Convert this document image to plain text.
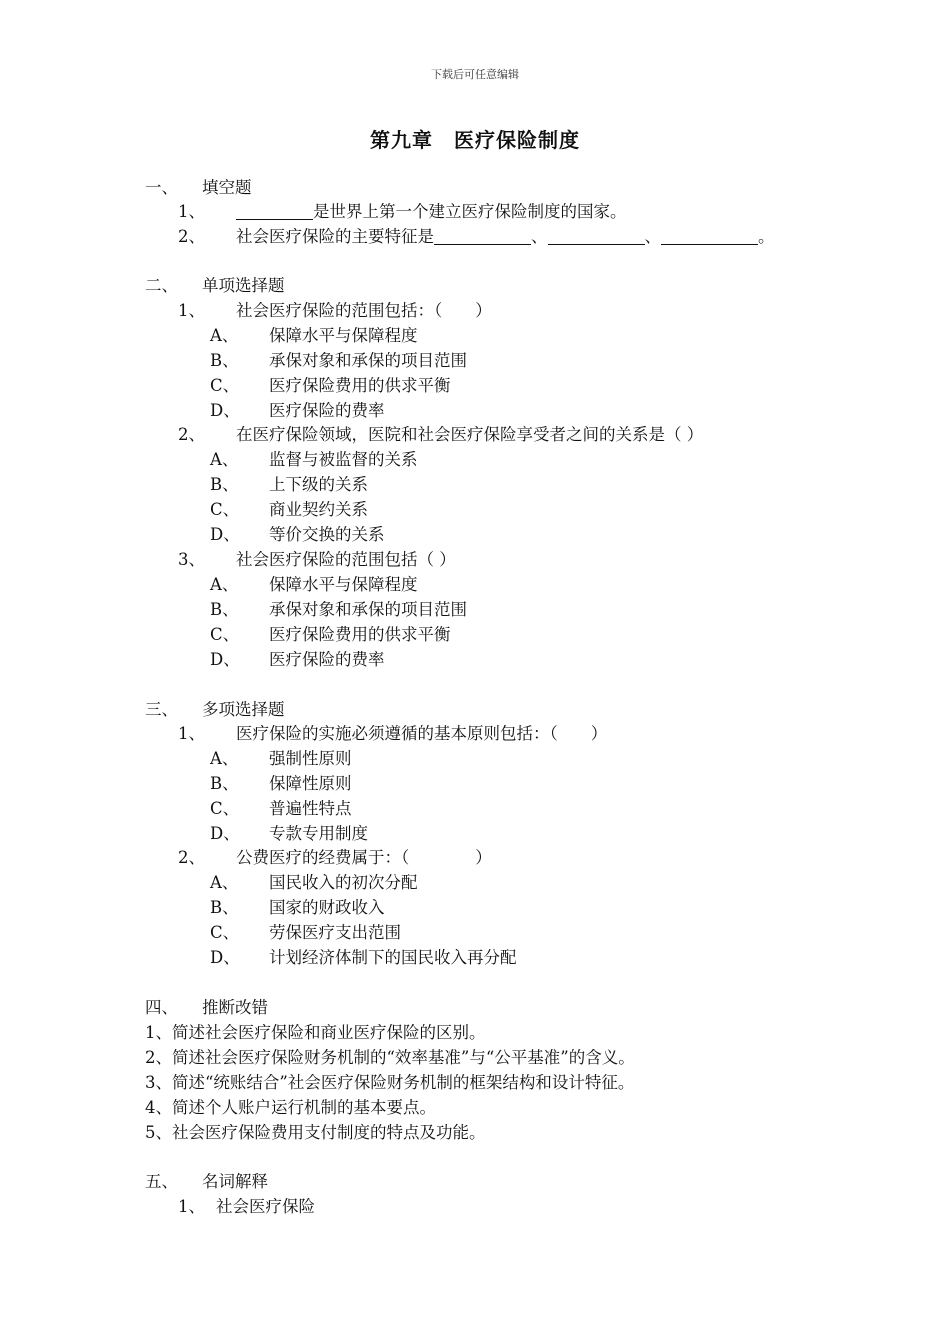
下载后可任意编辑
第九章　医疗保险制度
一、 填空题
1、	是世界上第一个建立医疗保险制度的国家。
2、 社会医疗保险的主要特征是	、	、	。
二、 单项选择题
1、 社会医疗保险的范围包括：（　　）
A、 保障水平与保障程度
B、 承保对象和承保的项目范围
C、 医疗保险费用的供求平衡
D、 医疗保险的费率
2、 在医疗保险领域，医院和社会医疗保险享受者之间的关系是（ ）
A、 监督与被监督的关系
B、 上下级的关系
C、 商业契约关系
D、 等价交换的关系
3、 社会医疗保险的范围包括（ ）
A、 保障水平与保障程度
B、 承保对象和承保的项目范围
C、 医疗保险费用的供求平衡
D、 医疗保险的费率
三、 多项选择题
1、 医疗保险的实施必须遵循的基本原则包括：（　　）
A、 强制性原则
B、 保障性原则
C、 普遍性特点
D、 专款专用制度
2、 公费医疗的经费属于：（　　　　）
A、 国民收入的初次分配
B、 国家的财政收入
C、 劳保医疗支出范围
D、 计划经济体制下的国民收入再分配
四、 推断改错
1、简述社会医疗保险和商业医疗保险的区别。
2、简述社会医疗保险财务机制的“效率基准”与“公平基准”的含义。
3、简述“统账结合”社会医疗保险财务机制的框架结构和设计特征。
4、简述个人账户运行机制的基本要点。
5、社会医疗保险费用支付制度的特点及功能。
五、 名词解释
1、 社会医疗保险
